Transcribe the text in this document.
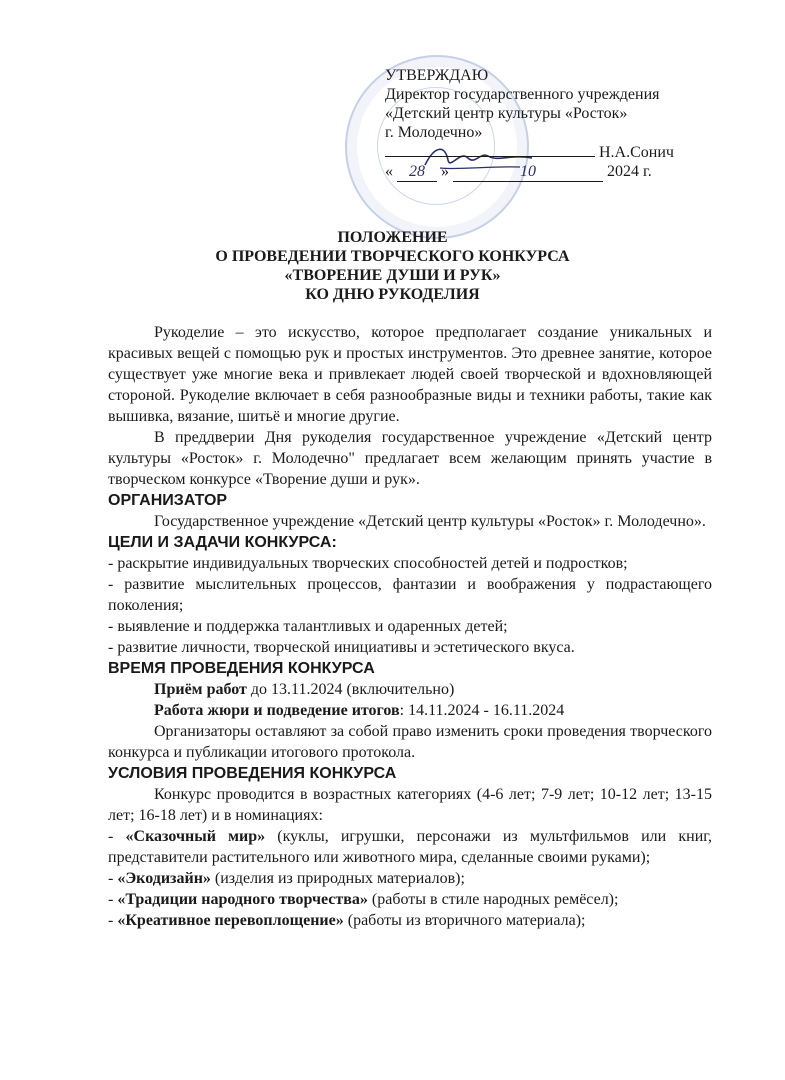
УТВЕРЖДАЮ
Директор государственного учреждения
«Детский центр культуры «Росток»
г. Молодечно»
Н.А.Сонич
« 28 »	10	2024 г.
ПОЛОЖЕНИЕ
О ПРОВЕДЕНИИ ТВОРЧЕСКОГО КОНКУРСА
«ТВОРЕНИЕ ДУШИ И РУК»
КО ДНЮ РУКОДЕЛИЯ

Рукоделие – это искусство, которое предполагает создание уникальных и красивых вещей с помощью рук и простых инструментов. Это древнее занятие, которое существует уже многие века и привлекает людей своей творческой и вдохновляющей стороной. Рукоделие включает в себя разнообразные виды и техники работы, такие как вышивка, вязание, шитьё и многие другие.

В преддверии Дня рукоделия государственное учреждение «Детский центр культуры «Росток» г. Молодечно" предлагает всем желающим принять участие в творческом конкурсе «Творение души и рук».

ОРГАНИЗАТОР

Государственное учреждение «Детский центр культуры «Росток» г. Молодечно».

ЦЕЛИ И ЗАДАЧИ КОНКУРСА:

- раскрытие индивидуальных творческих способностей детей и подростков;

- развитие мыслительных процессов, фантазии и воображения у подрастающего поколения;

- выявление и поддержка талантливых и одаренных детей;

- развитие личности, творческой инициативы и эстетического вкуса.

ВРЕМЯ ПРОВЕДЕНИЯ КОНКУРСА

Приём работ до 13.11.2024 (включительно)

Работа жюри и подведение итогов: 14.11.2024 - 16.11.2024

Организаторы оставляют за собой право изменить сроки проведения творческого конкурса и публикации итогового протокола.

УСЛОВИЯ ПРОВЕДЕНИЯ КОНКУРСА

Конкурс проводится в возрастных категориях (4-6 лет; 7-9 лет; 10-12 лет; 13-15 лет; 16-18 лет) и в номинациях:

- «Сказочный мир» (куклы, игрушки, персонажи из мультфильмов или книг, представители растительного или животного мира, сделанные своими руками);

- «Экодизайн» (изделия из природных материалов);

- «Традиции народного творчества» (работы в стиле народных ремёсел);

- «Креативное перевоплощение» (работы из вторичного материала);
